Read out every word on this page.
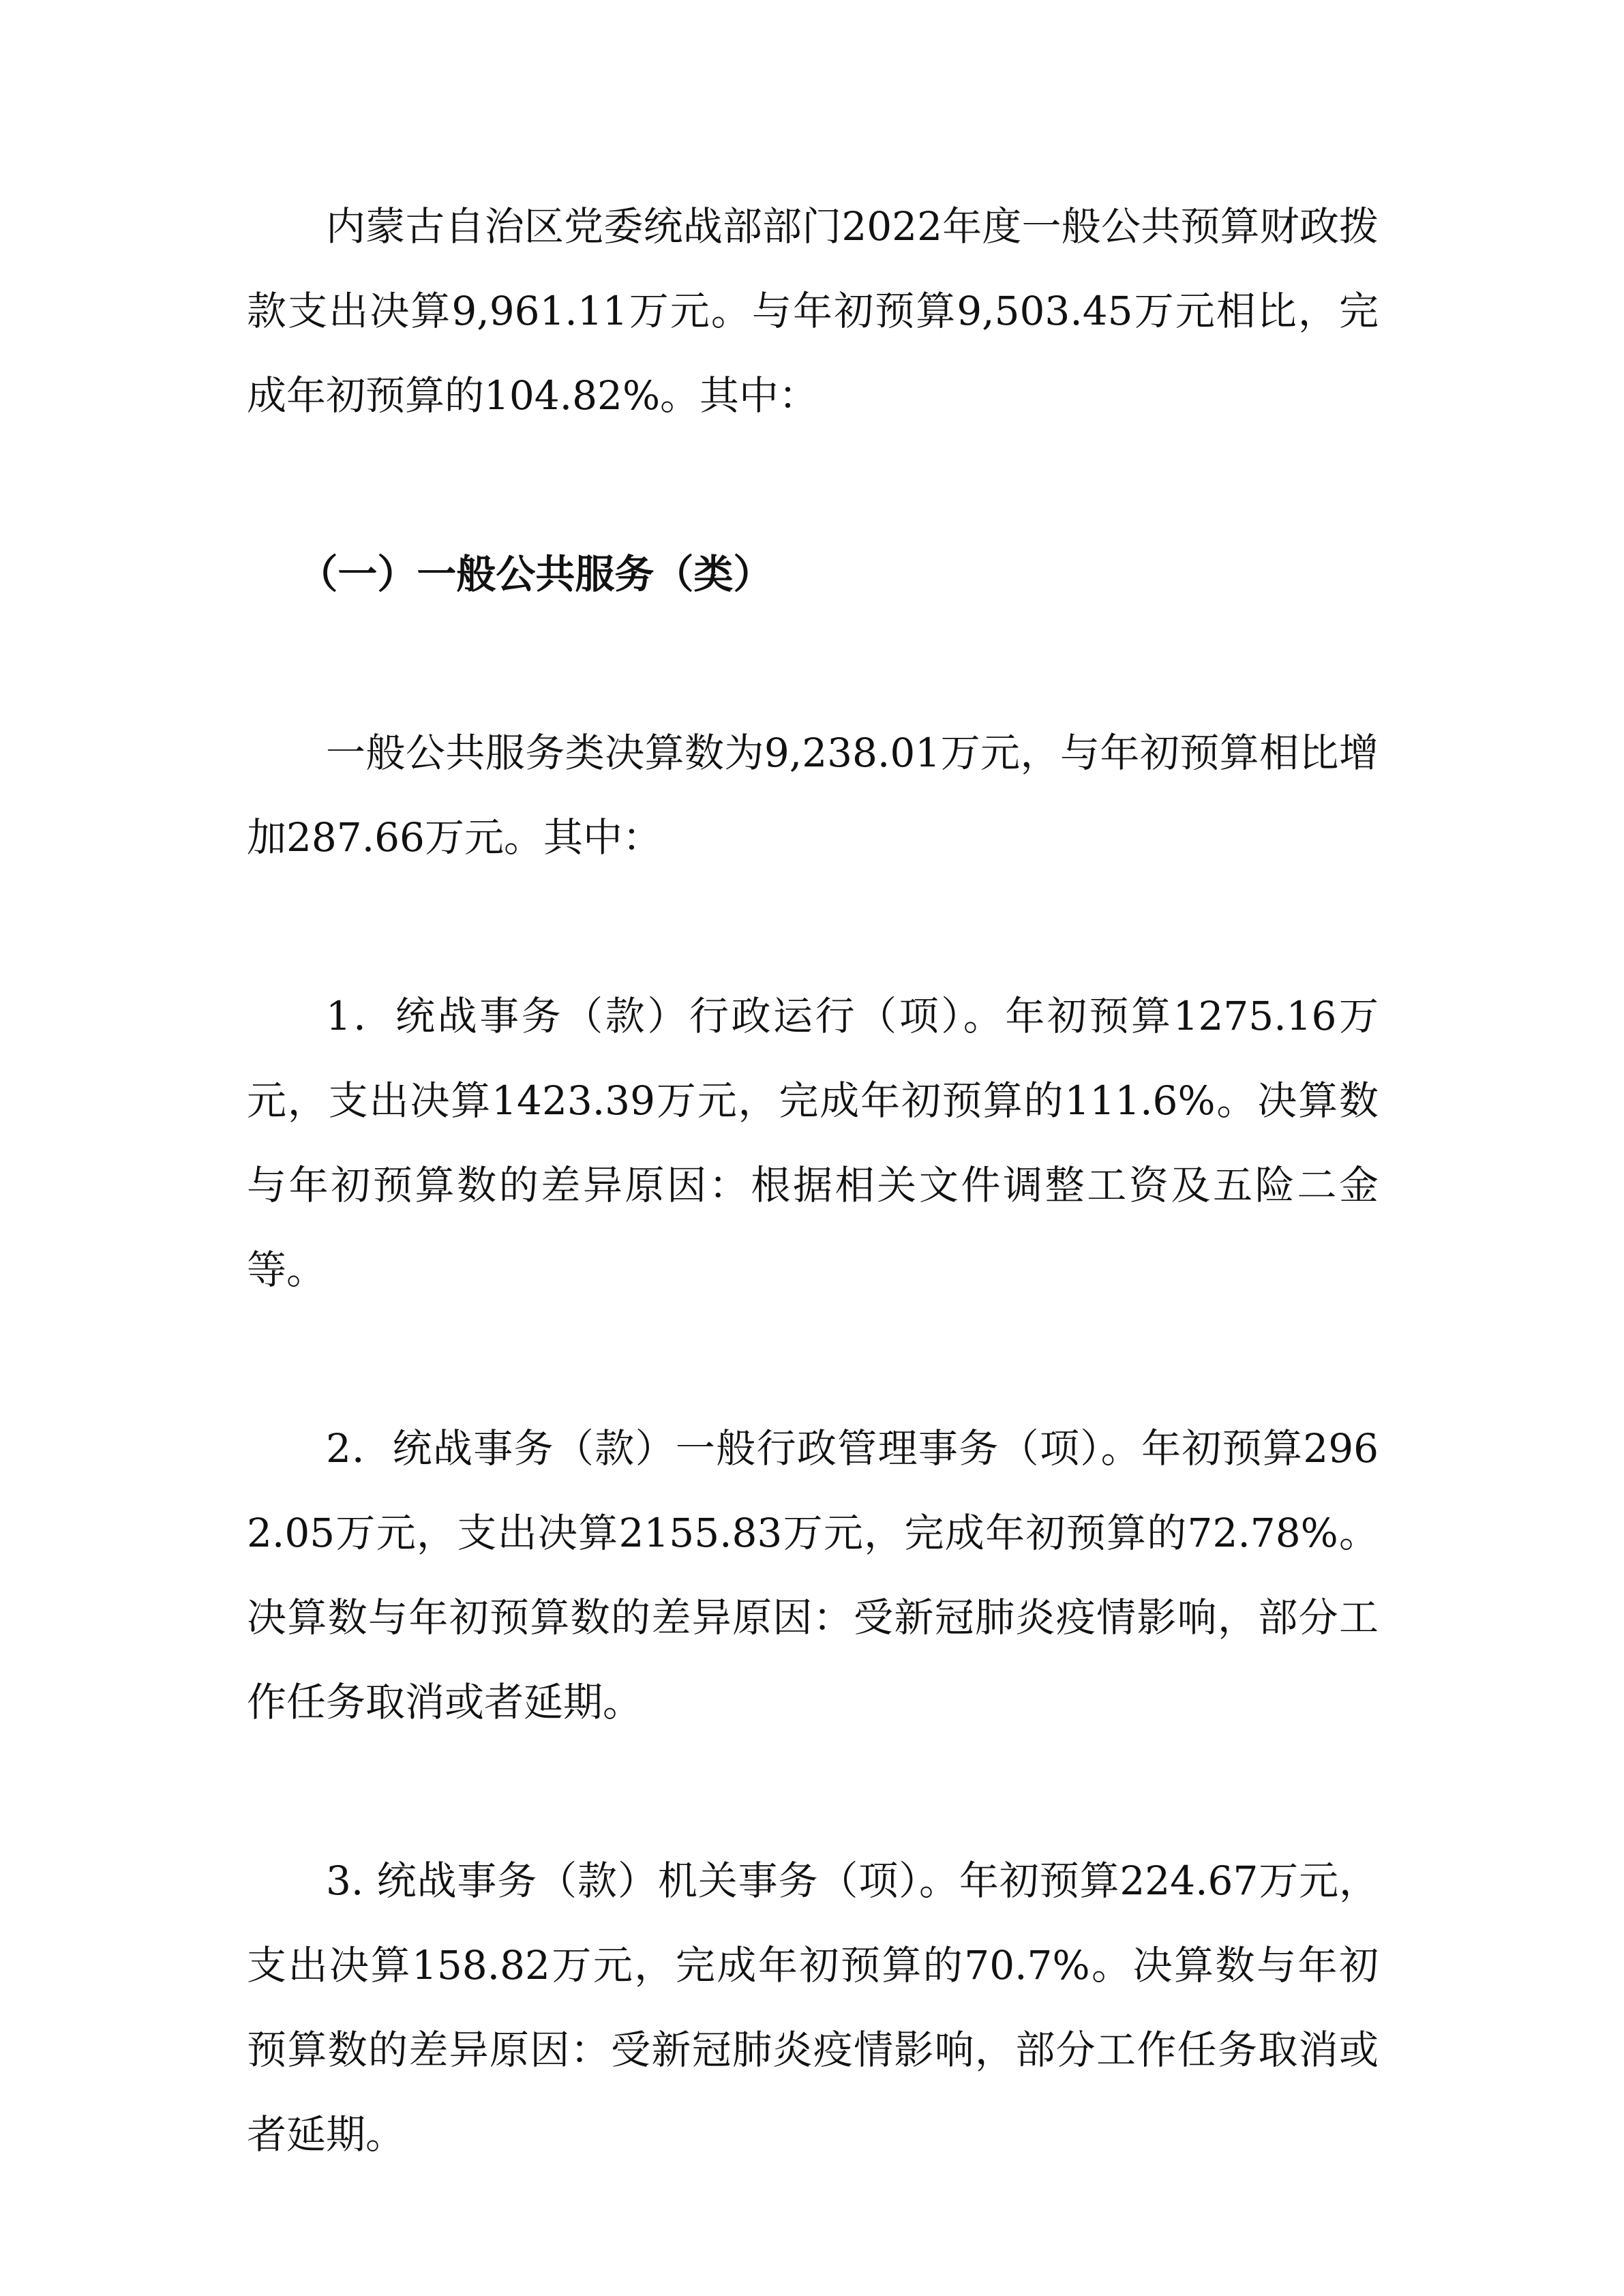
内蒙古自治区党委统战部部门2022年度一般公共预算财政拨款支出决算9,961.11万元。与年初预算9,503.45万元相比，完成年初预算的104.82%。其中：

（一）一般公共服务（类）

一般公共服务类决算数为9,238.01万元，与年初预算相比增加287.66万元。其中：

1．统战事务（款）行政运行（项）。年初预算1275.16万元，支出决算1423.39万元，完成年初预算的111.6%。决算数与年初预算数的差异原因：根据相关文件调整工资及五险二金等。

2．统战事务（款）一般行政管理事务（项）。年初预算2962.05万元，支出决算2155.83万元，完成年初预算的72.78%。决算数与年初预算数的差异原因：受新冠肺炎疫情影响，部分工作任务取消或者延期。

3. 统战事务（款）机关事务（项）。年初预算224.67万元，支出决算158.82万元，完成年初预算的70.7%。决算数与年初预算数的差异原因：受新冠肺炎疫情影响，部分工作任务取消或者延期。
